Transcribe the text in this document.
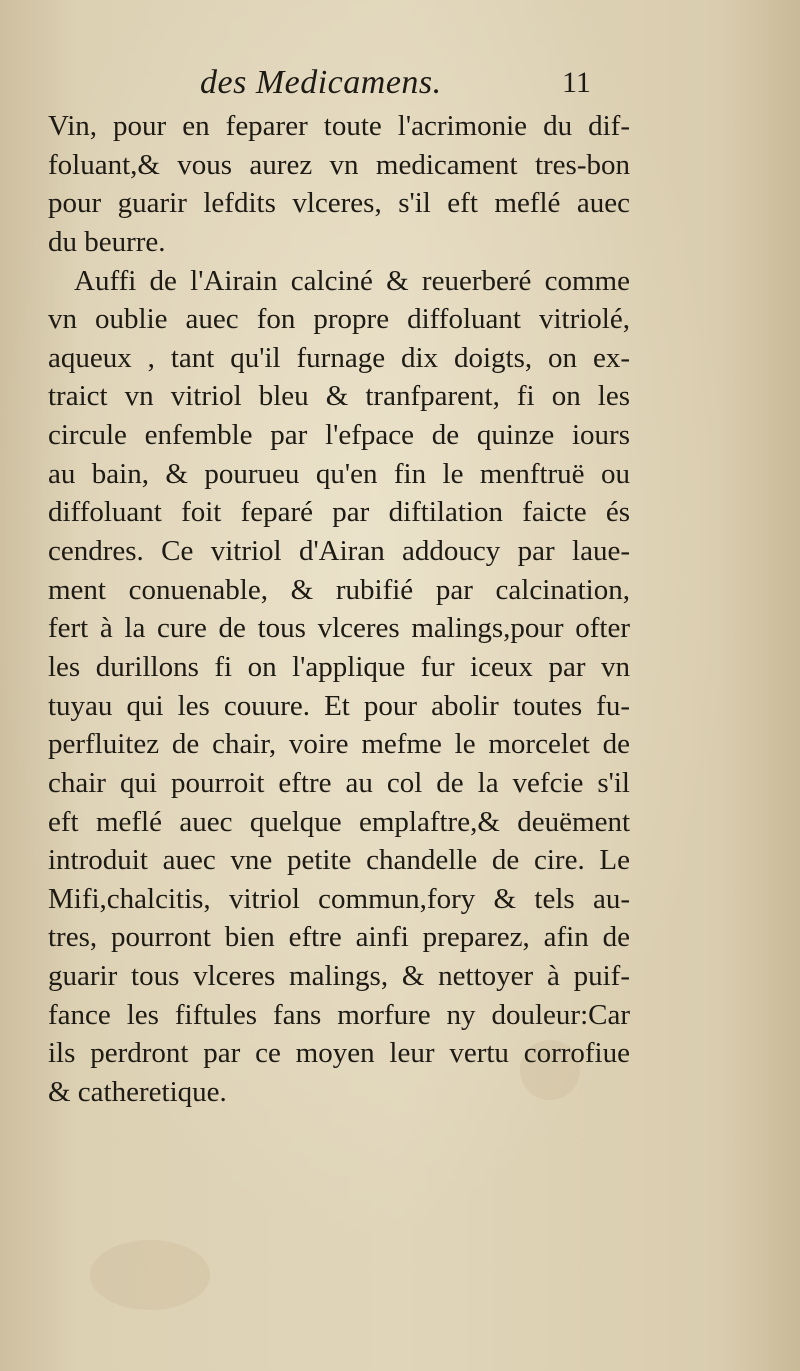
des Medicamens.	11
Vin, pour en feparer toute l'acrimonie du dif-
foluant,& vous aurez vn medicament tres-bon
pour guarir lefdits vlceres, s'il eft meflé auec
du beurre.
Auffi de l'Airain calciné & reuerberé comme
vn oublie auec fon propre diffoluant vitriolé,
aqueux , tant qu'il furnage dix doigts, on ex-
traict vn vitriol bleu & tranfparent, fi on les
circule enfemble par l'efpace de quinze iours
au bain, & pourueu qu'en fin le menftruë ou
diffoluant foit feparé par diftilation faicte és
cendres. Ce vitriol d'Airan addoucy par laue-
ment conuenable, & rubifié par calcination,
fert à la cure de tous vlceres malings,pour ofter
les durillons fi on l'applique fur iceux par vn
tuyau qui les couure. Et pour abolir toutes fu-
perfluitez de chair, voire mefme le morcelet de
chair qui pourroit eftre au col de la vefcie s'il
eft meflé auec quelque emplaftre,& deuëment
introduit auec vne petite chandelle de cire. Le
Mifi,chalcitis, vitriol commun,fory & tels au-
tres, pourront bien eftre ainfi preparez, afin de
guarir tous vlceres malings, & nettoyer à puif-
fance les fiftules fans morfure ny douleur:Car
ils perdront par ce moyen leur vertu corrofiue
& catheretique.
